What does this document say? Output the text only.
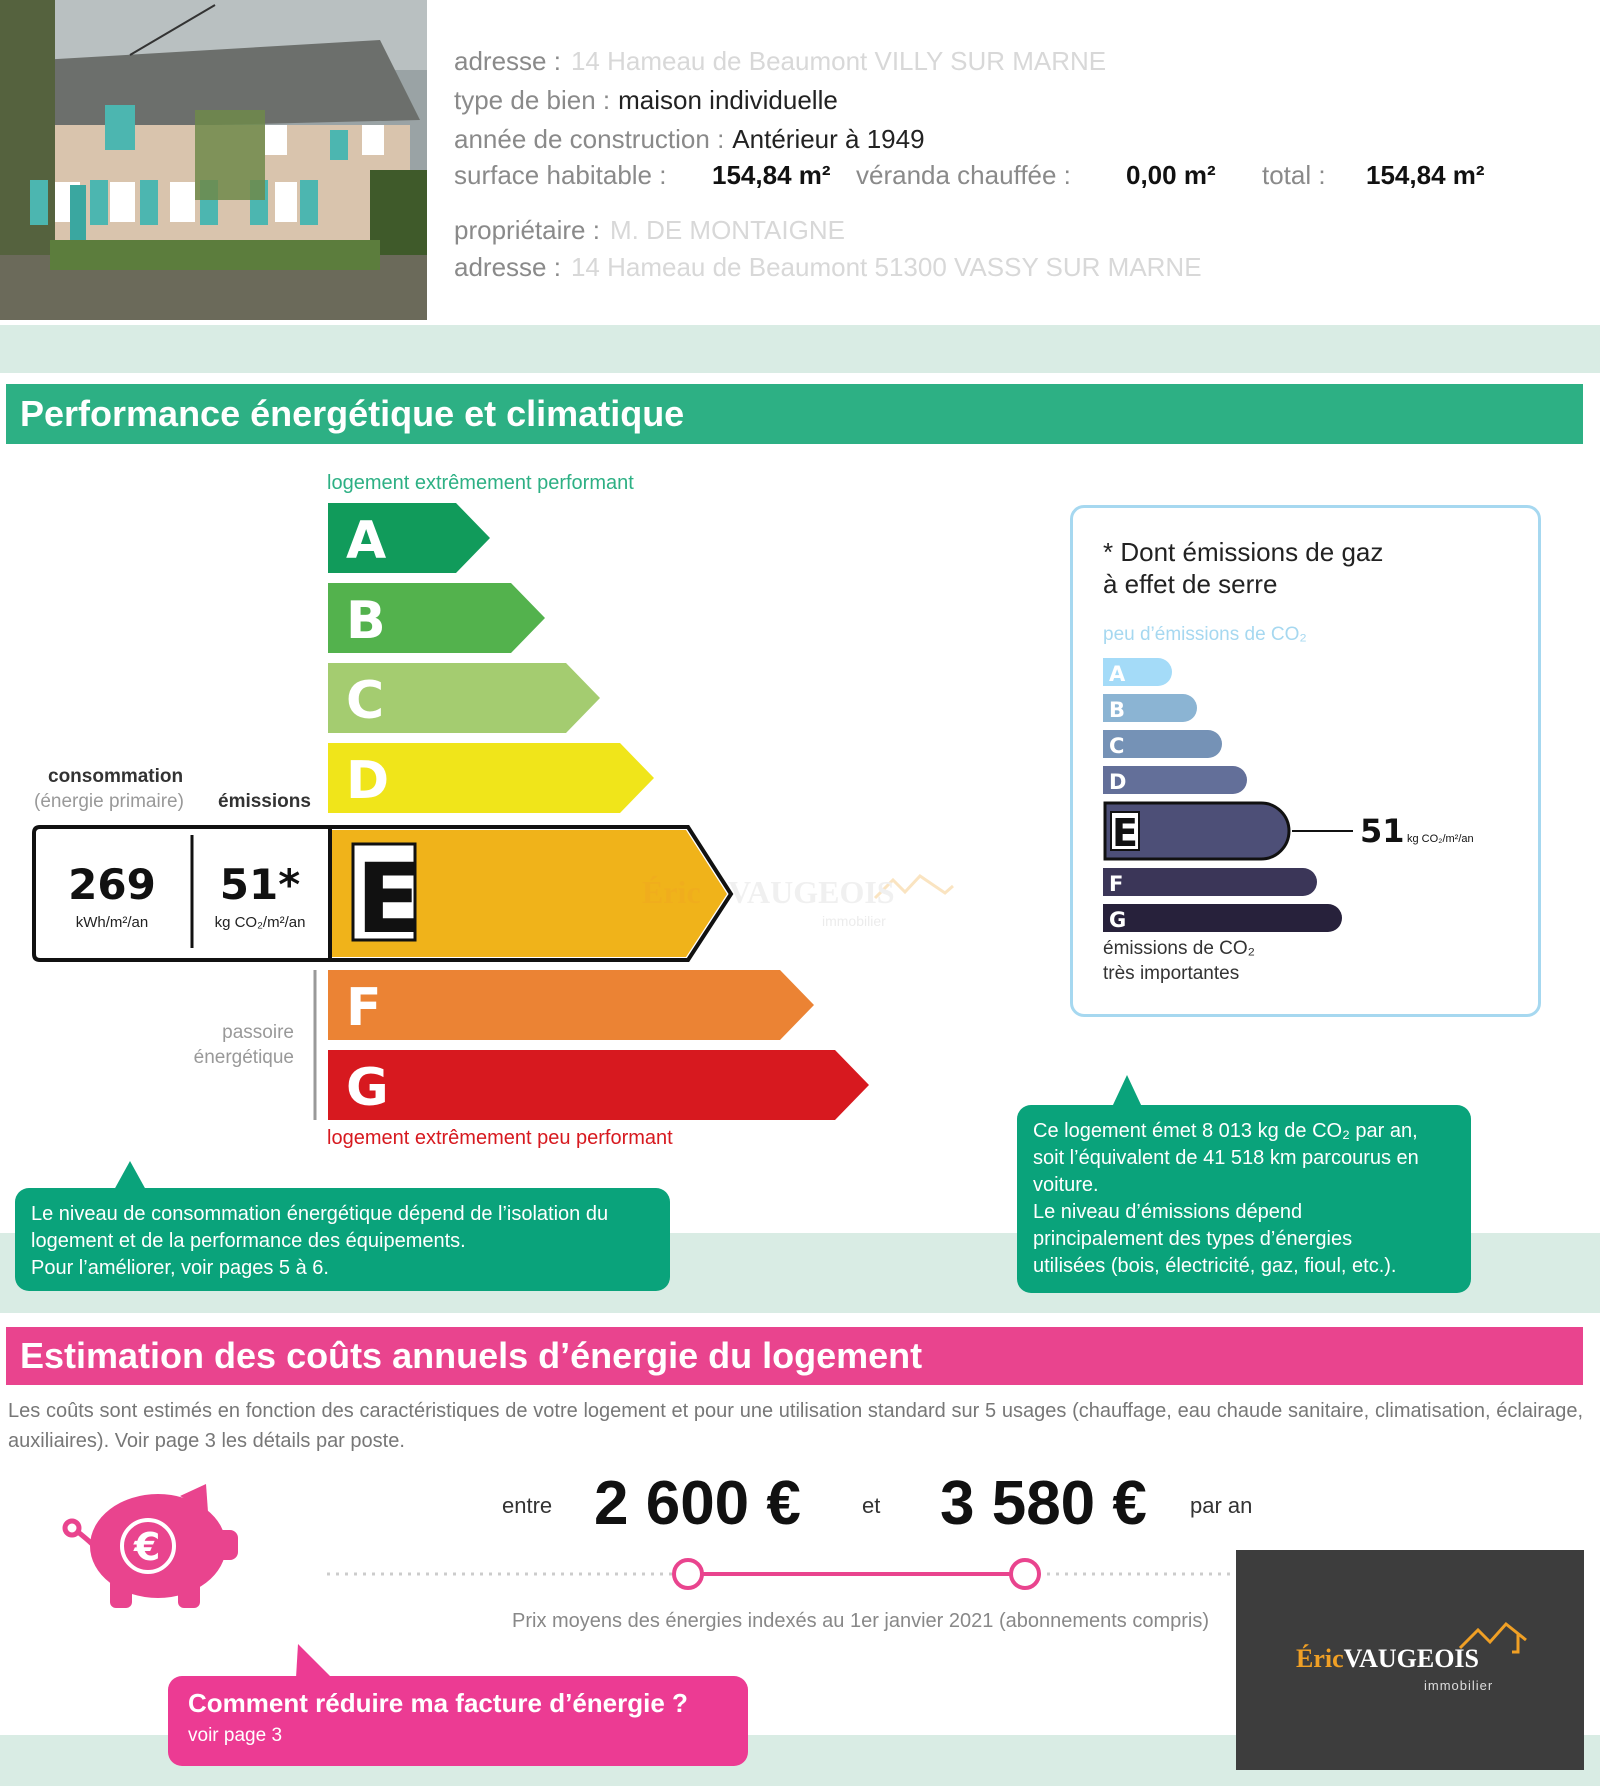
adresse : 14 Hameau de Beaumont VILLY SUR MARNE
type de bien : maison individuelle
année de construction : Antérieur à 1949
surface habitable : 154,84 m² véranda chauffée : 0,00 m² total : 154,84 m²
propriétaire : M. DE MONTAIGNE
adresse : 14 Hameau de Beaumont 51300 VASSY SUR MARNE
Performance énergétique et climatique
logement extrêmement performant
A
B
C
D
consommation
(énergie primaire) émissions
E
269
kWh/m²/an
51*
kg CO₂/m²/an
Éric VAUGEOIS
immobilier
F
G
passoire
énergétique
logement extrêmement peu performant
Le niveau de consommation énergétique dépend de l’isolation du
logement et de la performance des équipements.
Pour l’améliorer, voir pages 5 à 6.
* Dont émissions de gaz
à effet de serre
peu d’émissions de CO₂
A
B
C
D
E	51 kg CO₂/m²/an
F
G
émissions de CO₂
très importantes
Ce logement émet 8 013 kg de CO₂ par an,
soit l’équivalent de 41 518 km parcourus en
voiture.
Le niveau d’émissions dépend
principalement des types d’énergies
utilisées (bois, électricité, gaz, fioul, etc.).
Estimation des coûts annuels d’énergie du logement
Les coûts sont estimés en fonction des caractéristiques de votre logement et pour une utilisation standard sur 5 usages (chauffage, eau chaude sanitaire, climatisation, éclairage, auxiliaires). Voir page 3 les détails par poste.
€
entre 2 600 €	et 3 580 € par an
Prix moyens des énergies indexés au 1er janvier 2021 (abonnements compris)
Comment réduire ma facture d’énergie ?
voir page 3
ÉricVAUGEOIS
immobilier
